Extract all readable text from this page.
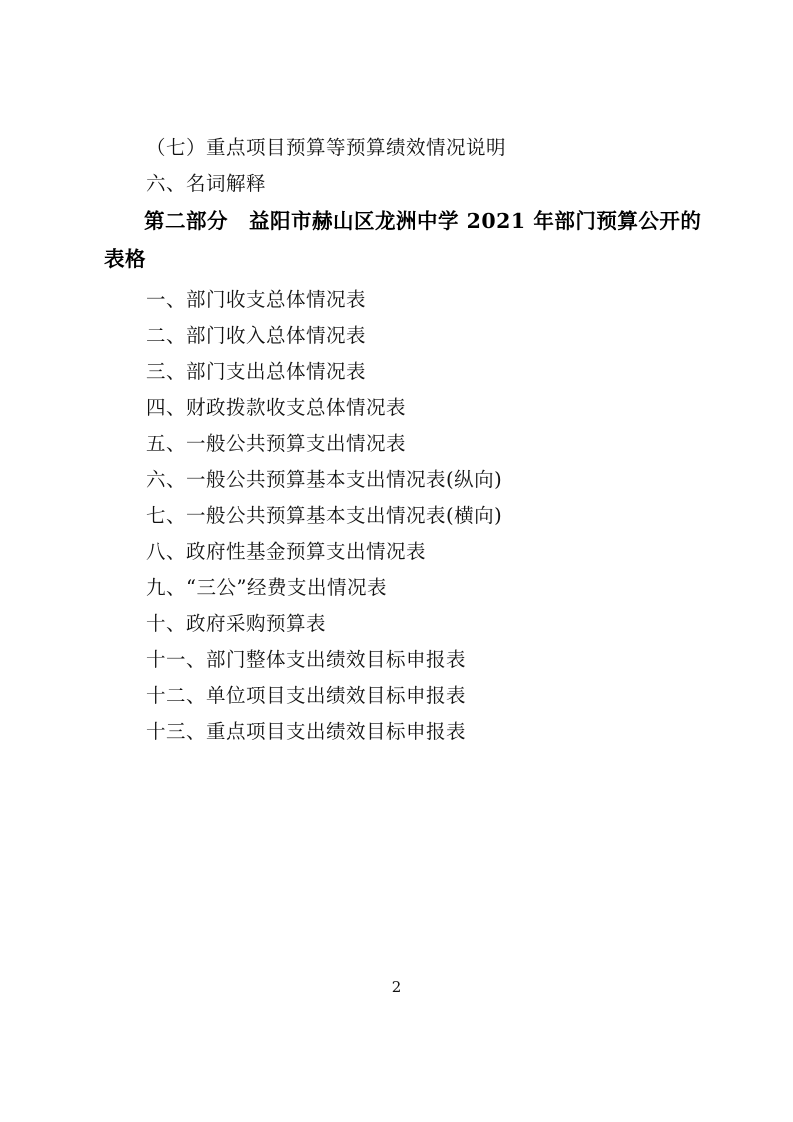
（七）重点项目预算等预算绩效情况说明
六、名词解释
第二部分　益阳市赫山区龙洲中学 2021 年部门预算公开的
表格
一、部门收支总体情况表
二、部门收入总体情况表
三、部门支出总体情况表
四、财政拨款收支总体情况表
五、一般公共预算支出情况表
六、一般公共预算基本支出情况表(纵向)
七、一般公共预算基本支出情况表(横向)
八、政府性基金预算支出情况表
九、“三公”经费支出情况表
十、政府采购预算表
十一、部门整体支出绩效目标申报表
十二、单位项目支出绩效目标申报表
十三、重点项目支出绩效目标申报表
2
